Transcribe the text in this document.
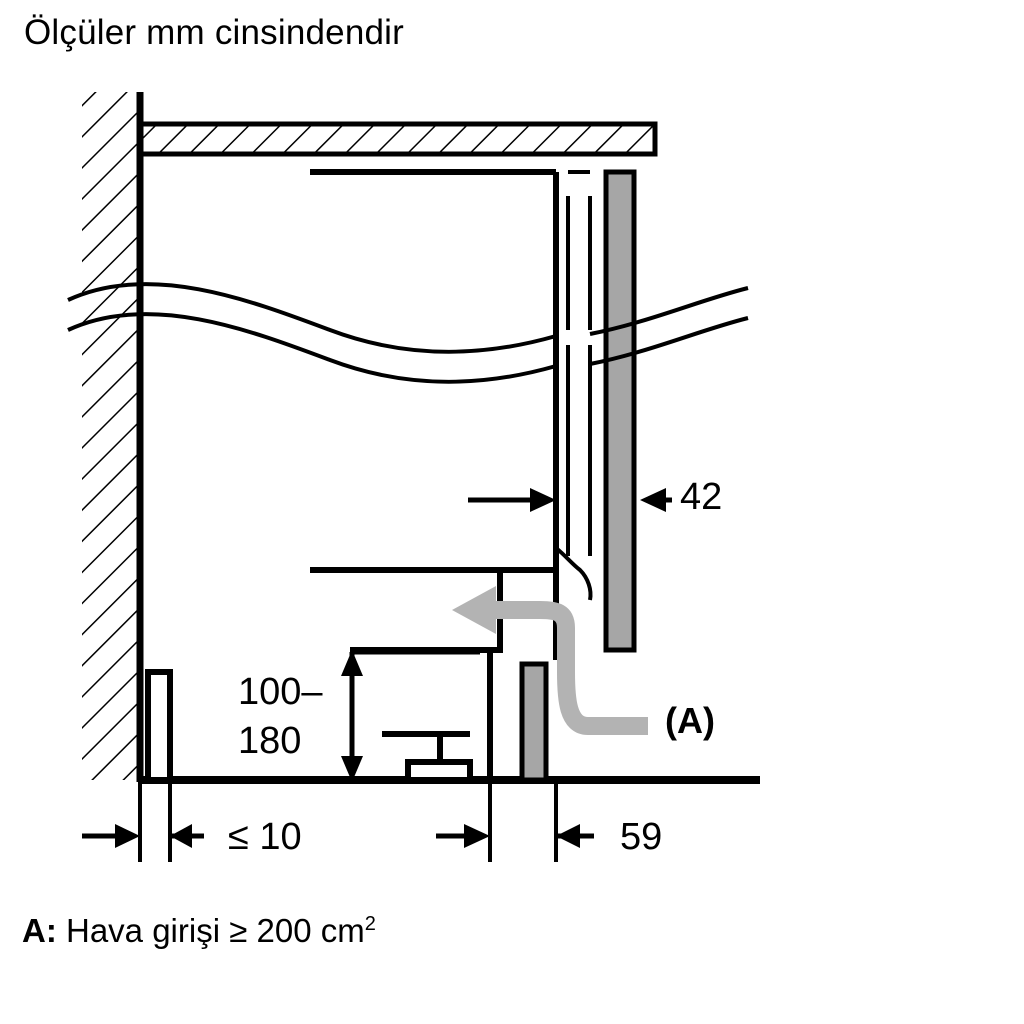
Ölçüler mm cinsindendir
42
(A)
100–
180
≤ 10	59
A: Hava girişi ≥ 200 $cm^2$
